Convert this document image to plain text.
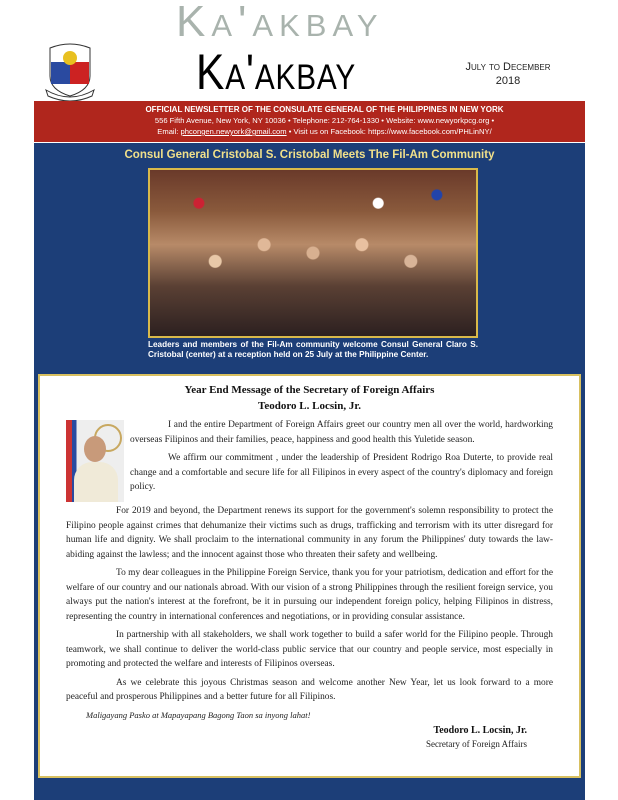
Ka'akbay
Ka'akbay	July to December
2018
OFFICIAL NEWSLETTER OF THE CONSULATE GENERAL OF THE PHILIPPINES IN NEW YORK
556 Fifth Avenue, New York, NY 10036 • Telephone: 212-764-1330 • Website: www.newyorkpcg.org •
Email: phcongen.newyork@gmail.com • Visit us on Facebook: https://www.facebook.com/PHLinNY/
Consul General Cristobal S. Cristobal Meets The Fil-Am Community
Leaders and members of the Fil-Am community welcome Consul General Claro S. Cristobal (center) at a reception held on 25 July at the Philippine Center.
Year End Message of the Secretary of Foreign Affairs
Teodoro L. Locsin, Jr.

I and the entire Department of Foreign Affairs greet our country men all over the world, hardworking overseas Filipinos and their families, peace, happiness and good health this Yuletide season.

We affirm our commitment , under the leadership of President Rodrigo Roa Duterte, to provide real change and a comfortable and secure life for all Filipinos in every aspect of the country's diplomacy and foreign policy.

For 2019 and beyond, the Department renews its support for the government's solemn responsibility to protect the Filipino people against crimes that dehumanize their victims such as drugs, trafficking and terrorism with its utter disregard for human life and dignity. We shall proclaim to the international community in any forum the Philippines' duty towards the law-abiding against the lawless; and the innocent against those who threaten their safety and wellbeing.

To my dear colleagues in the Philippine Foreign Service, thank you for your patriotism, dedication and effort for the welfare of our country and our nationals abroad. With our vision of a strong Philippines through the resilient foreign service, you always put the nation's interest at the forefront, be it in pursuing our independent foreign policy, helping Filipinos in distress, representing the country in international conferences and negotiations, or in providing consular assistance.

In partnership with all stakeholders, we shall work together to build a safer world for the Filipino people. Through teamwork, we shall continue to deliver the world-class public service that our country and people service, most especially in promoting and protected the welfare and interests of Filipinos overseas.

As we celebrate this joyous Christmas season and welcome another New Year, let us look forward to a more peaceful and prosperous Philippines and a better future for all Filipinos.

Maligayang Pasko at Mapayapang Bagong Taon sa inyong lahat!
Teodoro L. Locsin, Jr.
Secretary of Foreign Affairs
